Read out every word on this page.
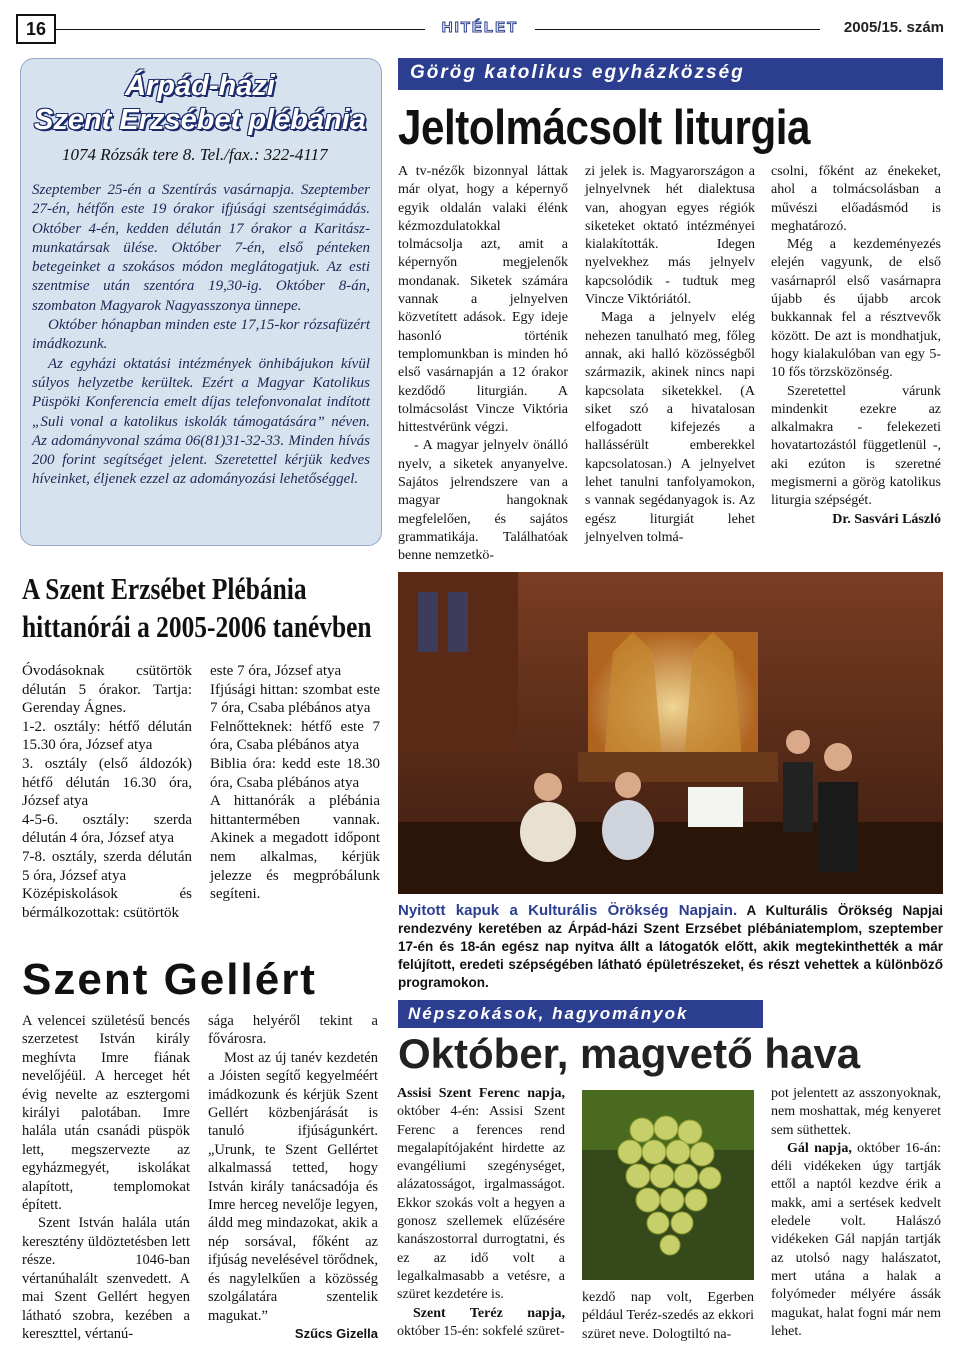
16	HITÉLET	2005/15. szám
Árpád-házi
Szent Erzsébet plébánia
1074 Rózsák tere 8. Tel./fax.: 322-4117

Szeptember 25-én a Szentírás vasárnapja. Szeptember 27-én, hétfőn este 19 órakor ifjúsági szentségimádás. Október 4-én, kedden délután 17 órakor a Karitász-munkatársak ülése. Október 7-én, első pénteken betegeinket a szokásos módon meglátogatjuk. Az esti szentmise után szentóra 19,30-ig. Október 8-án, szombaton Magyarok Nagyasszonya ünnepe.

Október hónapban minden este 17,15-kor rózsafüzért imádkozunk.

Az egyházi oktatási intézmények önhibájukon kívül súlyos helyzetbe kerültek. Ezért a Magyar Katolikus Püspöki Konferencia emelt díjas telefonvonalat indított „Suli vonal a katolikus iskolák támogatására” néven. Az adományvonal száma 06(81)31-32-33. Minden hívás 200 forint segítséget jelent. Szeretettel kérjük kedves híveinket, éljenek ezzel az adományozási lehetőséggel.

Görög katolikus egyházközség
Jeltolmácsolt liturgia

A tv-nézők bizonnyal láttak már olyat, hogy a képernyő egyik oldalán valaki élénk kézmozdulatokkal tolmácsolja azt, amit a képernyőn megjelenők mondanak. Siketek számára vannak a jelnyelven közvetített adások. Egy ideje hasonló történik templomunkban is minden hó első vasárnapján a 12 órakor kezdődő liturgián. A tolmácsolást Vincze Viktória hittestvérünk végzi.

- A magyar jelnyelv önálló nyelv, a siketek anyanyelve. Sajátos jelrendszere van a magyar hangoknak megfelelően, és sajátos grammatikája. Találhatóak benne nemzetkö-

zi jelek is. Magyarországon a jelnyelvnek hét dialektusa van, ahogyan egyes régiók siketeket oktató intézményei kialakították. Idegen nyelvekhez más jelnyelv kapcsolódik - tudtuk meg Vincze Viktóriától.

Maga a jelnyelv elég nehezen tanulható meg, főleg annak, aki halló közösségből származik, akinek nincs napi kapcsolata siketekkel. (A siket szó a hivatalosan elfogadott kifejezés a hallássérült emberekkel kapcsolatosan.) A jelnyelvet lehet tanulni tanfolyamokon, s vannak segédanyagok is. Az egész liturgiát lehet jelnyelven tolmá-

csolni, főként az énekeket, ahol a tolmácsolásban a művészi előadásmód is meghatározó.

Még a kezdeményezés elején vagyunk, de első vasárnapról első vasárnapra újabb és újabb arcok bukkannak fel a résztvevők között. De azt is mondhatjuk, hogy kialakulóban van egy 5-10 fős törzsközönség.

Szeretettel várunk mindenkit ezekre az alkalmakra - felekezeti hovatartozástól függetlenül -, aki ezúton is szeretné megismerni a görög katolikus liturgia szépségét.

Dr. Sasvári László

A Szent Erzsébet Plébánia
hittanórái a 2005-2006 tanévben

Óvodásoknak csütörtök délután 5 órakor. Tartja: Gerenday Ágnes.

1-2. osztály: hétfő délután 15.30 óra, József atya

3. osztály (első áldozók) hétfő délután 16.30 óra, József atya

4-5-6. osztály: szerda délután 4 óra, József atya

7-8. osztály, szerda délután 5 óra, József atya

Középiskolások és bérmálkozottak: csütörtök

este 7 óra, József atya

Ifjúsági hittan: szombat este 7 óra, Csaba plébános atya

Felnőtteknek: hétfő este 7 óra, Csaba plébános atya

Biblia óra: kedd este 18.30 óra, Csaba plébános atya

A hittanórák a plébánia hittantermében vannak. Akinek a megadott időpont nem alkalmas, kérjük jelezze és megpróbálunk segíteni.

Szent Gellért

A velencei születésű bencés szerzetest István király meghívta Imre fiának nevelőjéül. A herceget hét évig nevelte az esztergomi királyi palotában. Imre halála után csanádi püspök lett, megszervezte az egyházmegyét, iskolákat alapított, templomokat épített.

Szent István halála után keresztény üldöztetésben lett része. 1046-ban vértanúhalált szenvedett. A mai Szent Gellért hegyen látható szobra, kezében a kereszttel, vértanú-

sága helyéről tekint a fővárosra.

Most az új tanév kezdetén a Jóisten segítő kegyelméért imádkozunk és kérjük Szent Gellért közbenjárását is tanuló ifjúságunkért. „Urunk, te Szent Gellértet alkalmassá tetted, hogy István király tanácsadója és Imre herceg nevelője legyen, áldd meg mindazokat, akik a nép sorsával, főként az ifjúság nevelésével törődnek, és nagylelkűen a közösség szolgálatára szentelik magukat.”

Szűcs Gizella

Nyitott kapuk a Kulturális Örökség Napjain. A Kulturális Örökség Napjai rendezvény keretében az Árpád-házi Szent Erzsébet plébániatemplom, szeptember 17-én és 18-án egész nap nyitva állt a látogatók előtt, akik megtekinthették a már felújított, eredeti szépségében látható épületrészeket, és részt vehettek a különböző programokon.
Népszokások, hagyományok
Október, magvető hava

Assisi Szent Ferenc napja, október 4-én: Assisi Szent Ferenc a ferences rend megalapítójaként hirdette az evangéliumi szegénységet, alázatosságot, irgalmasságot. Ekkor szokás volt a hegyen a gonosz szellemek elűzésére kanászostorral durrogtatni, és ez az idő volt a legalkalmasabb a vetésre, a szüret kezdetére is.

Szent Teréz napja, október 15-én: sokfelé szüret-

kezdő nap volt, Egerben például Teréz-szedés az ekkori szüret neve. Dologtiltó na-

pot jelentett az asszonyoknak, nem moshattak, még kenyeret sem süthettek.

Gál napja, október 16-án: déli vidékeken úgy tartják ettől a naptól kezdve érik a makk, ami a sertések kedvelt eledele volt. Halászó vidékeken Gál napján tartják az utolsó nagy halászatot, mert utána a halak a folyómeder mélyére ássák magukat, halat fogni már nem lehet.
